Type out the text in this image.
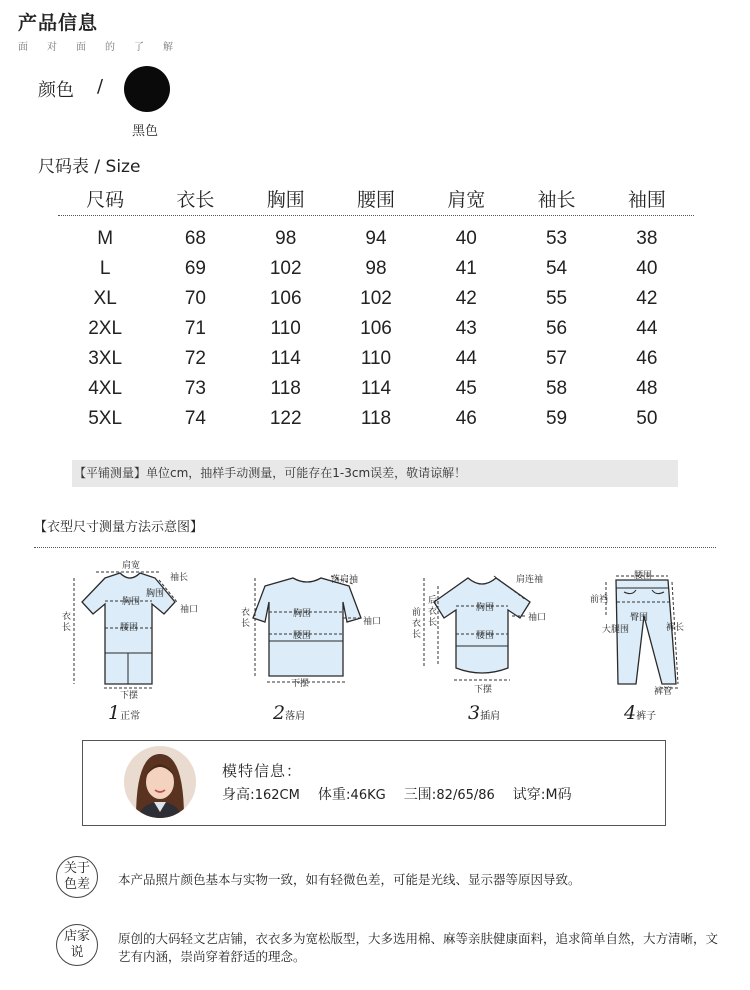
产品信息
面对面的了解
颜色 /
黑色
尺码表 / Size
尺码	衣长	胸围	腰围	肩宽	袖长	袖围

M	68	98	94	40	53	38
L	69	102	98	41	54	40
XL	70	106	102	42	55	42
2XL	71	110	106	43	56	44
3XL	72	114	110	44	57	46
4XL	73	118	114	45	58	48
5XL	74	122	118	46	59	50
【平铺测量】单位cm，抽样手动测量，可能存在1-3cm误差，敬请谅解！
【衣型尺寸测量方法示意图】
肩宽
袖长
胸围
胸围
袖口
腰围
衣长
下摆
1正常
落肩袖
胸围
袖口
腰围
衣长
下摆
2落肩
肩连袖
胸围
袖口
腰围
后衣长
前衣长
下摆
3插肩
腰围
前裆
臀围
大腿围	裤长
裤管
4裤子
模特信息：
身高:162CM 体重:46KG 三围:82/65/86 试穿:M码
关于
色差 本产品照片颜色基本与实物一致，如有轻微色差，可能是光线、显示器等原因导致。
店家
说
原创的大码轻文艺店铺，衣衣多为宽松版型，大多选用棉、麻等亲肤健康面料，追求简单自然，大方清晰，文艺有内涵，崇尚穿着舒适的理念。
